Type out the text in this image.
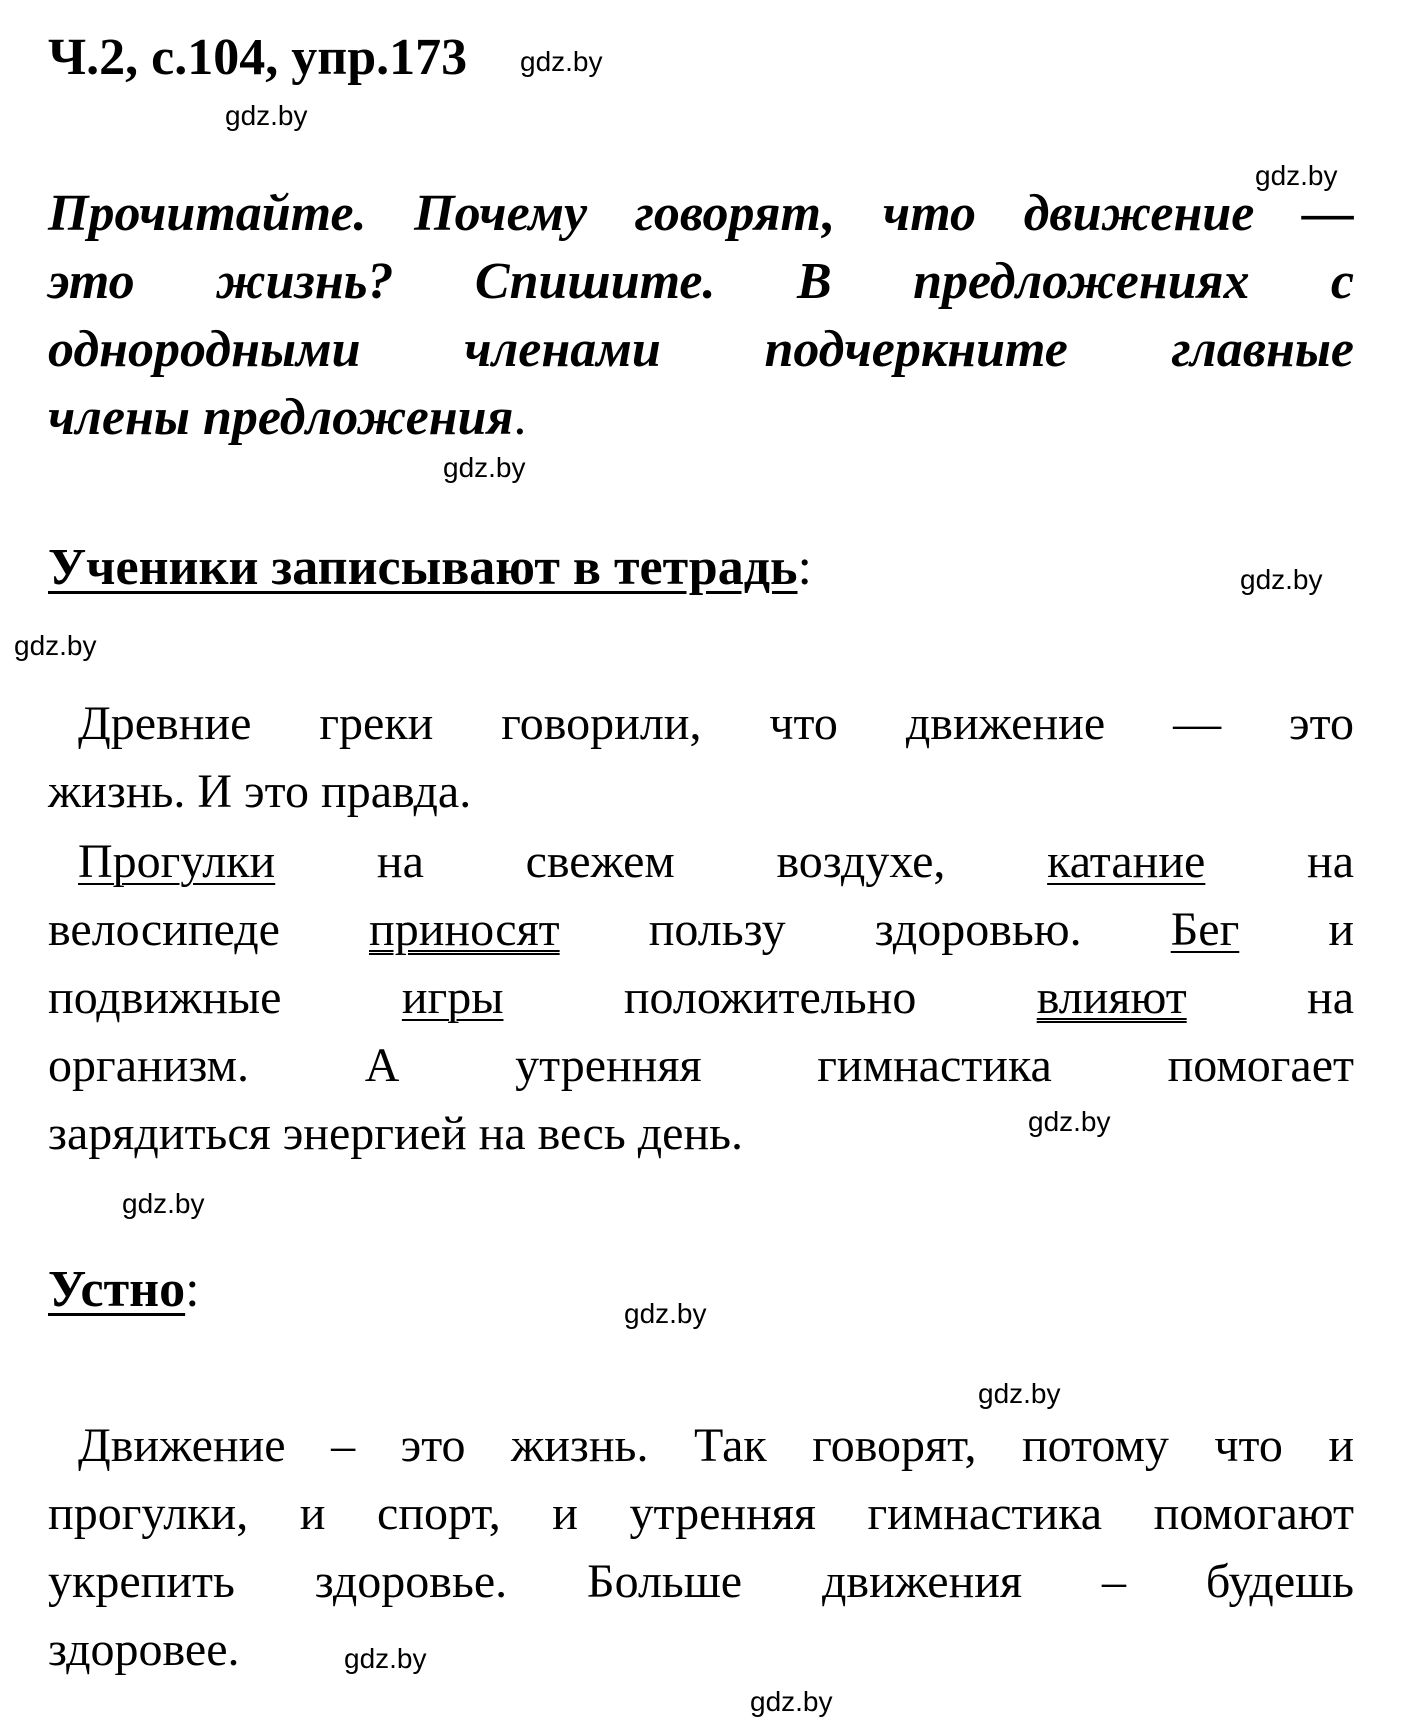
Ч.2, с.104, упр.173 gdz.by
gdz.by
gdz.by
gdz.by
gdz.by
gdz.by
gdz.by
gdz.by
gdz.by
gdz.by
gdz.by
gdz.by
Прочитайте. Почему говорят, что движение —
это жизнь? Спишите. В предложениях с
однородными членами подчеркните главные
члены предложения.
Ученики записывают в тетрадь:
Древние греки говорили, что движение — это
жизнь. И это правда.
Прогулки на свежем воздухе, катание на
велосипеде приносят пользу здоровью. Бег и
подвижные	игры	положительно	влияют	на
организм. А утренняя гимнастика помогает
зарядиться энергией на весь день.
Устно:
Движение – это жизнь. Так говорят, потому что и
прогулки, и спорт, и утренняя гимнастика помогают
укрепить здоровье. Больше движения – будешь
здоровее.
